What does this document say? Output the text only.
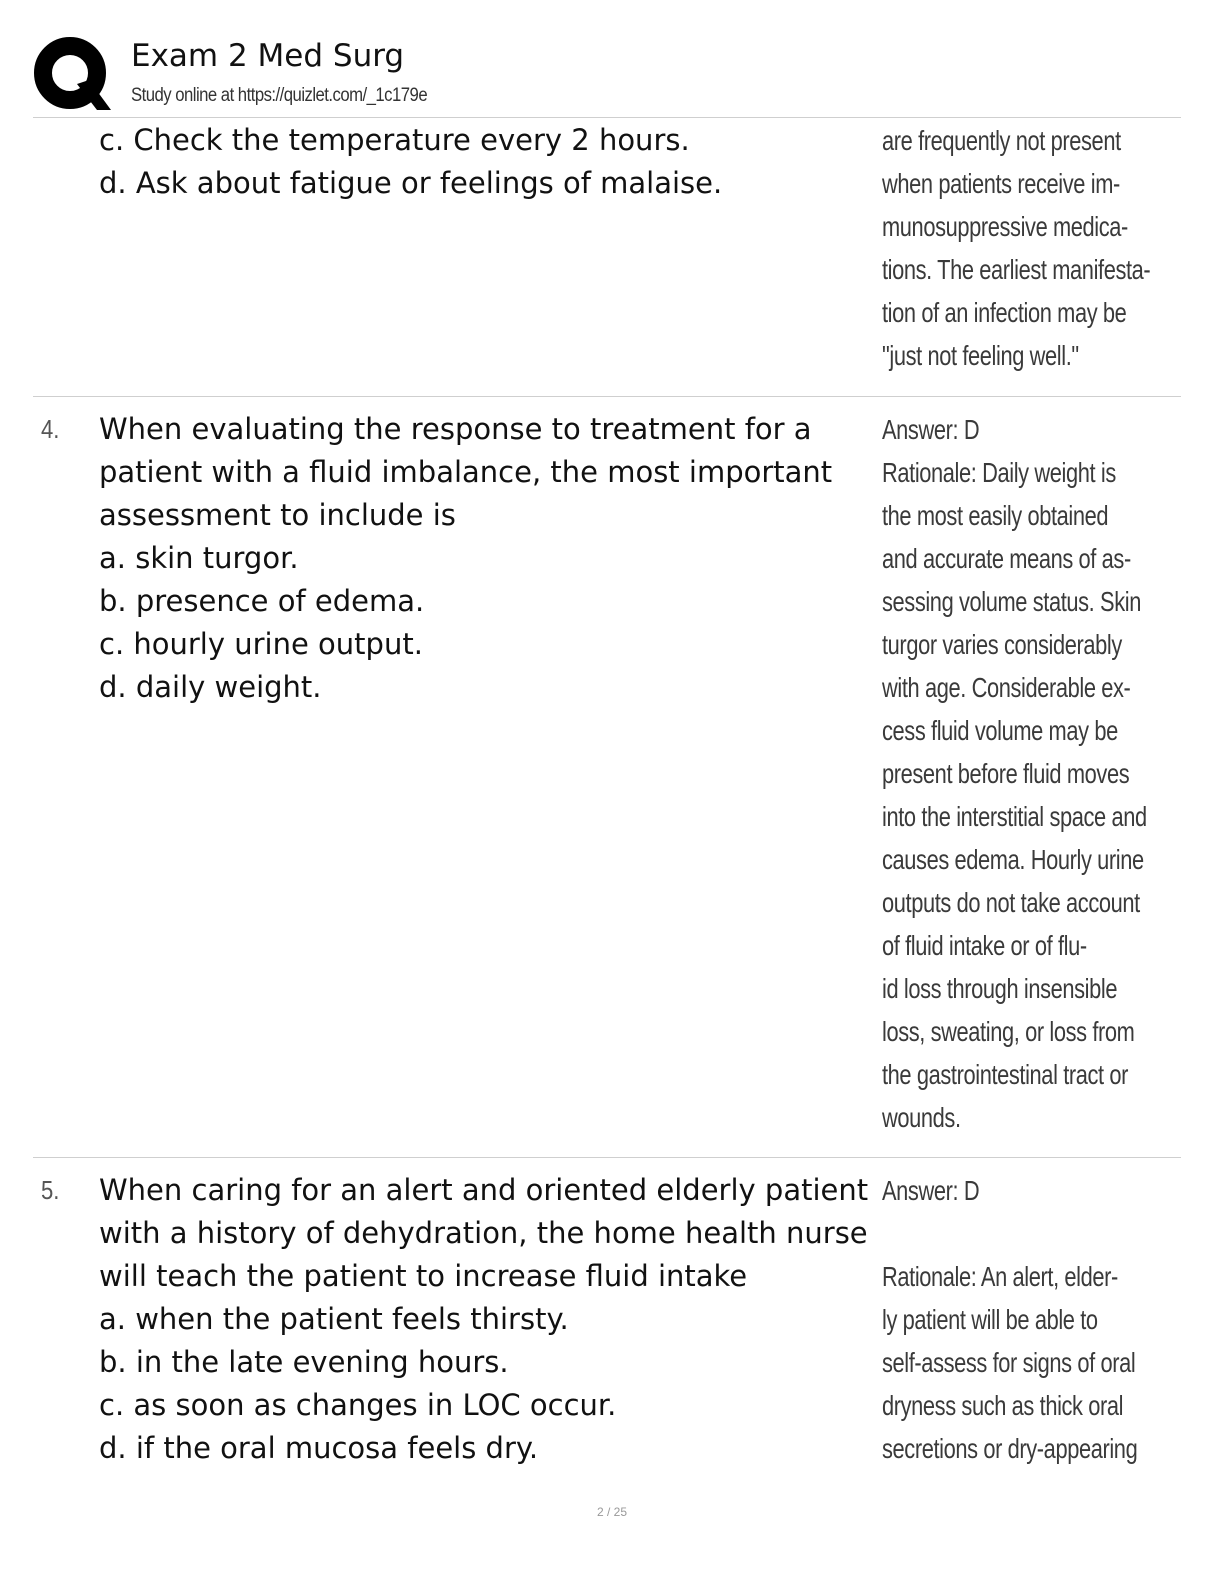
Exam 2 Med Surg
Study online at https://quizlet.com/_1c179e
c. Check the temperature every 2 hours.
d. Ask about fatigue or feelings of malaise.
are frequently not present
when patients receive im-
munosuppressive medica-
tions. The earliest manifesta-
tion of an infection may be
"just not feeling well."
4. When evaluating the response to treatment for a
patient with a fluid imbalance, the most important
assessment to include is
a. skin turgor.
b. presence of edema.
c. hourly urine output.
d. daily weight.
Answer: D
Rationale: Daily weight is
the most easily obtained
and accurate means of as-
sessing volume status. Skin
turgor varies considerably
with age. Considerable ex-
cess fluid volume may be
present before fluid moves
into the interstitial space and
causes edema. Hourly urine
outputs do not take account
of fluid intake or of flu-
id loss through insensible
loss, sweating, or loss from
the gastrointestinal tract or
wounds.
5. When caring for an alert and oriented elderly patient
with a history of dehydration, the home health nurse
will teach the patient to increase fluid intake
a. when the patient feels thirsty.
b. in the late evening hours.
c. as soon as changes in LOC occur.
d. if the oral mucosa feels dry.
Answer: D

Rationale: An alert, elder-
ly patient will be able to
self-assess for signs of oral
dryness such as thick oral
secretions or dry-appearing
2 / 25
